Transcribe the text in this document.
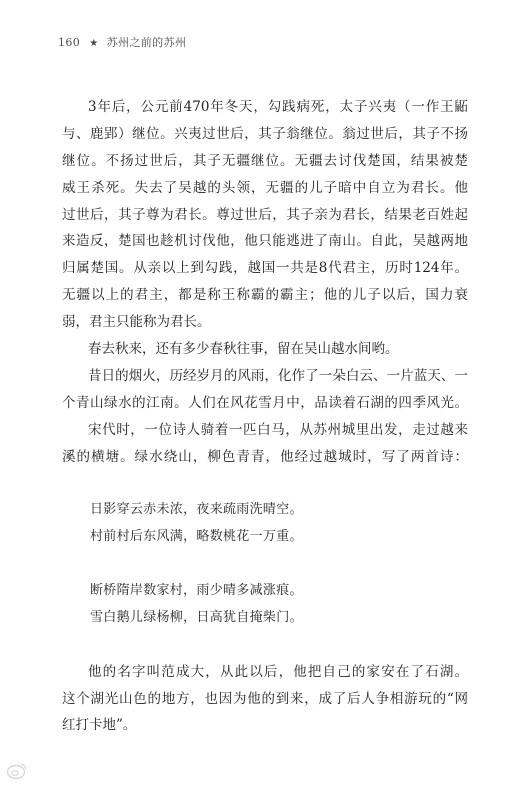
160 ★ 苏州之前的苏州
3年后，公元前470年冬天，勾践病死，太子兴夷（一作王鼫
与、鹿郢）继位。兴夷过世后，其子翁继位。翁过世后，其子不扬
继位。不扬过世后，其子无疆继位。无疆去讨伐楚国，结果被楚
威王杀死。失去了吴越的头领，无疆的儿子暗中自立为君长。他
过世后，其子尊为君长。尊过世后，其子亲为君长，结果老百姓起
来造反，楚国也趁机讨伐他，他只能逃进了南山。自此，吴越两地
归属楚国。从亲以上到勾践，越国一共是8代君主，历时124年。
无疆以上的君主，都是称王称霸的霸主；他的儿子以后，国力衰
弱，君主只能称为君长。
春去秋来，还有多少春秋往事，留在吴山越水间哟。
昔日的烟火，历经岁月的风雨，化作了一朵白云、一片蓝天、一
个青山绿水的江南。人们在风花雪月中，品读着石湖的四季风光。
宋代时，一位诗人骑着一匹白马，从苏州城里出发，走过越来
溪的横塘。绿水绕山，柳色青青，他经过越城时，写了两首诗：
日影穿云赤未浓，夜来疏雨洗晴空。
村前村后东风满，略数桃花一万重。
断桥隋岸数家村，雨少晴多减涨痕。
雪白鹅儿绿杨柳，日高犹自掩柴门。
他的名字叫范成大，从此以后，他把自己的家安在了石湖。
这个湖光山色的地方，也因为他的到来，成了后人争相游玩的“网
红打卡地”。
